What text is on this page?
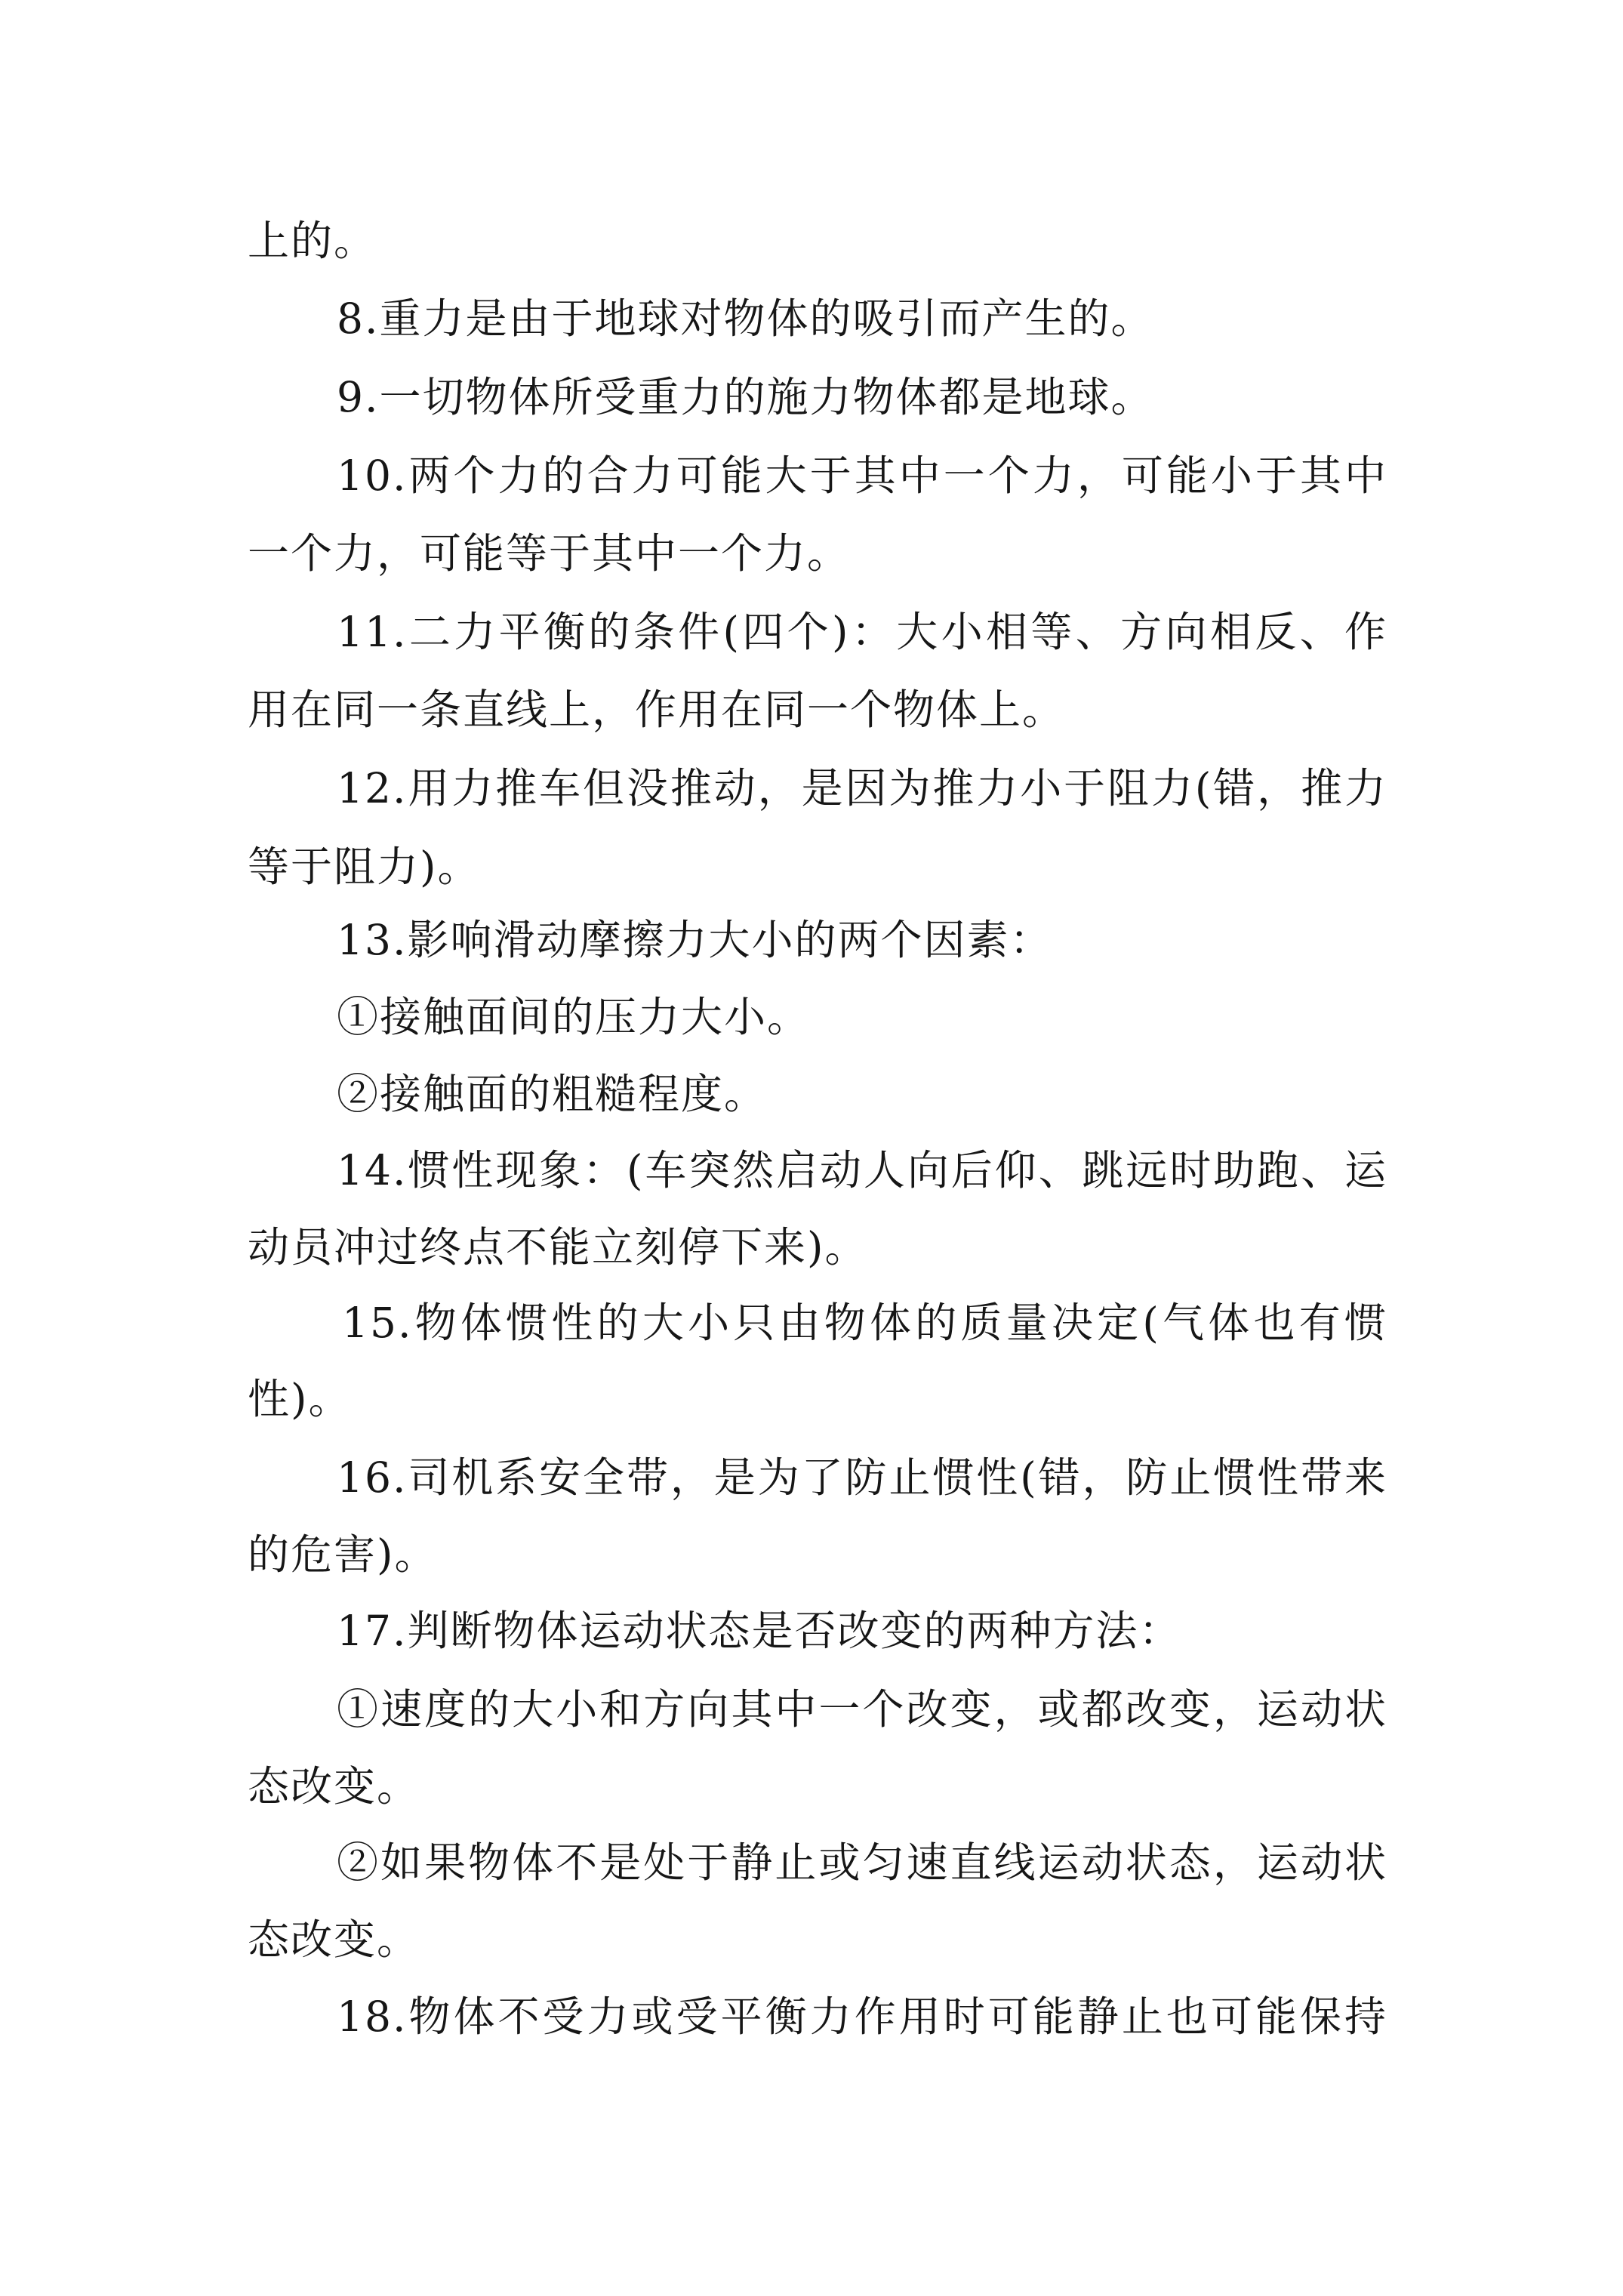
上的。
8.重力是由于地球对物体的吸引而产生的。
9.一切物体所受重力的施力物体都是地球。
10.两个力的合力可能大于其中一个力，可能小于其中
一个力，可能等于其中一个力。
11.二力平衡的条件(四个)：大小相等、方向相反、作
用在同一条直线上，作用在同一个物体上。
12.用力推车但没推动，是因为推力小于阻力(错，推力
等于阻力)。
13.影响滑动摩擦力大小的两个因素：
①接触面间的压力大小。
②接触面的粗糙程度。
14.惯性现象：(车突然启动人向后仰、跳远时助跑、运
动员冲过终点不能立刻停下来)。
15.物体惯性的大小只由物体的质量决定(气体也有惯
性)。
16.司机系安全带，是为了防止惯性(错，防止惯性带来
的危害)。
17.判断物体运动状态是否改变的两种方法：
①速度的大小和方向其中一个改变，或都改变，运动状
态改变。
②如果物体不是处于静止或匀速直线运动状态，运动状
态改变。
18.物体不受力或受平衡力作用时可能静止也可能保持
